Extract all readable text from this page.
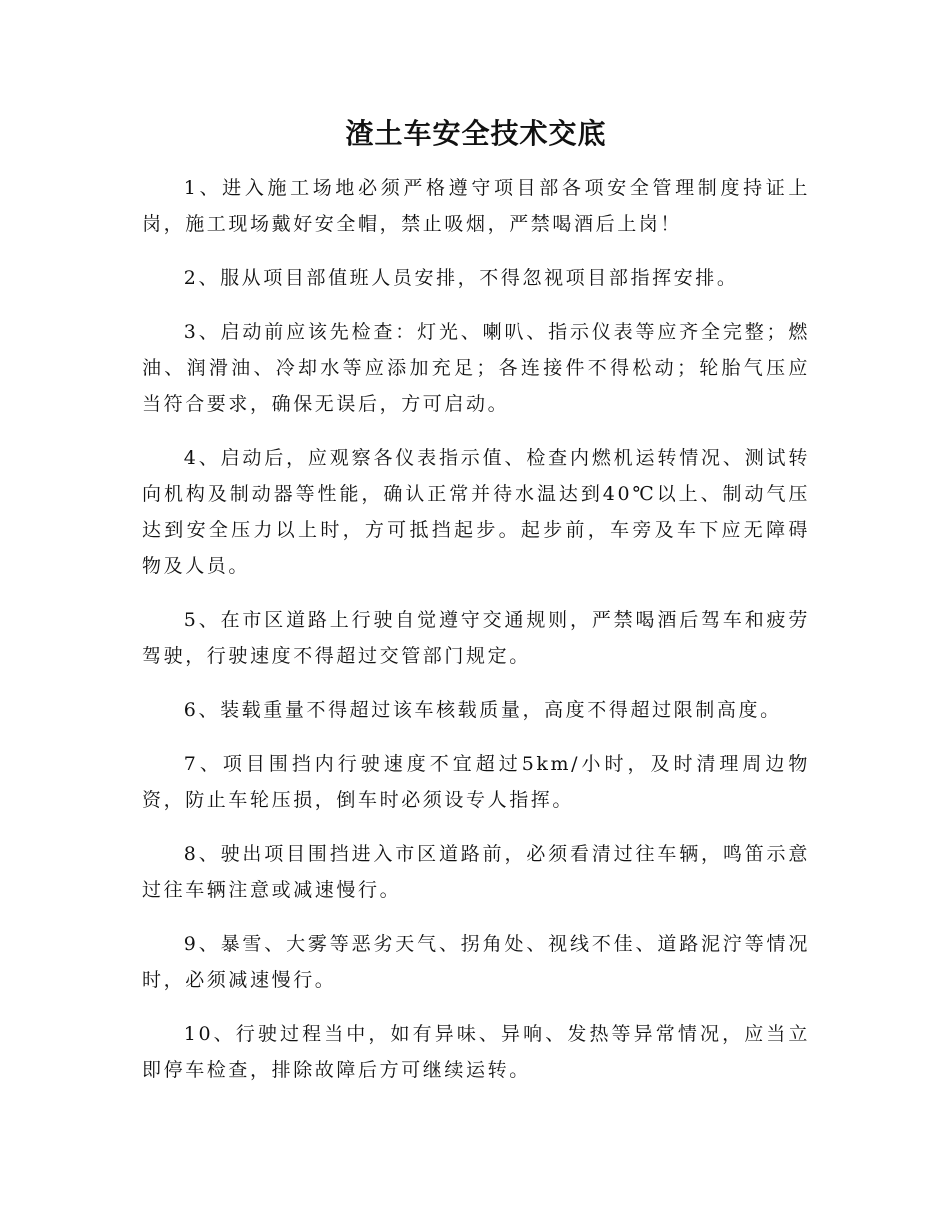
渣土车安全技术交底

1、进入施工场地必须严格遵守项目部各项安全管理制度持证上岗，施工现场戴好安全帽，禁止吸烟，严禁喝酒后上岗！

2、服从项目部值班人员安排，不得忽视项目部指挥安排。

3、启动前应该先检查：灯光、喇叭、指示仪表等应齐全完整；燃油、润滑油、冷却水等应添加充足；各连接件不得松动；轮胎气压应当符合要求，确保无误后，方可启动。

4、启动后，应观察各仪表指示值、检查内燃机运转情况、测试转向机构及制动器等性能，确认正常并待水温达到40℃以上、制动气压达到安全压力以上时，方可抵挡起步。起步前，车旁及车下应无障碍物及人员。

5、在市区道路上行驶自觉遵守交通规则，严禁喝酒后驾车和疲劳驾驶，行驶速度不得超过交管部门规定。

6、装载重量不得超过该车核载质量，高度不得超过限制高度。

7、项目围挡内行驶速度不宜超过5km/小时，及时清理周边物资，防止车轮压损，倒车时必须设专人指挥。

8、驶出项目围挡进入市区道路前，必须看清过往车辆，鸣笛示意过往车辆注意或减速慢行。

9、暴雪、大雾等恶劣天气、拐角处、视线不佳、道路泥泞等情况时，必须减速慢行。

10、行驶过程当中，如有异味、异响、发热等异常情况，应当立即停车检查，排除故障后方可继续运转。
